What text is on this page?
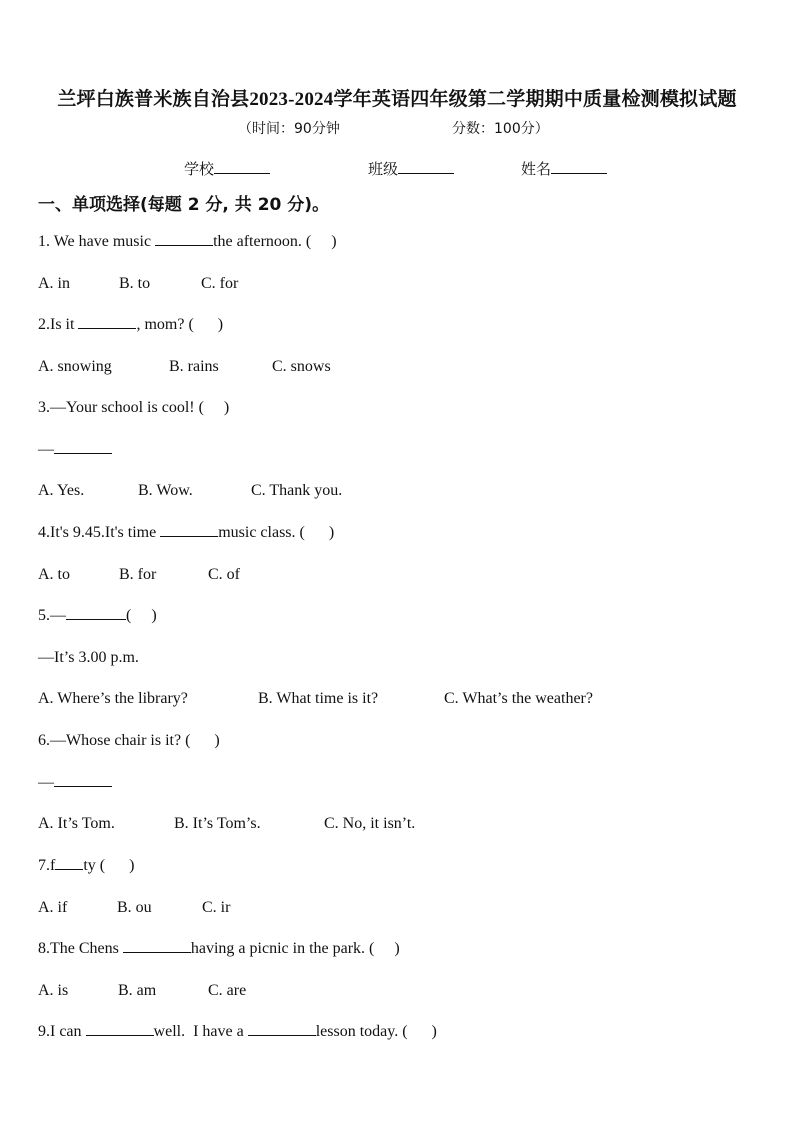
兰坪白族普米族自治县2023-2024学年英语四年级第二学期期中质量检测模拟试题
（时间：90分钟	分数：100分）
学校	班级	姓名
一、单项选择(每题 2 分, 共 20 分)。
1. We have music	the afternoon. (     )
A. in	B. to	C. for
2.Is it	, mom? (      )
A. snowing	B. rains	C. snows
3.—Your school is cool! (     )
—
A. Yes.	B. Wow.	C. Thank you.
4.It's 9.45.It's time	music class. (      )
A. to	B. for	C. of
5.—	(     )
—It’s 3.00 p.m.
A. Where’s the library?	B. What time is it?	C. What’s the weather?
6.—Whose chair is it? (      )
—
A. It’s Tom.	B. It’s Tom’s.	C. No, it isn’t.
7.f ty (      )
A. if	B. ou	C. ir
8.The Chens	having a picnic in the park. (     )
A. is	B. am	C. are
9.I can	well.  I have a	lesson today. (      )
